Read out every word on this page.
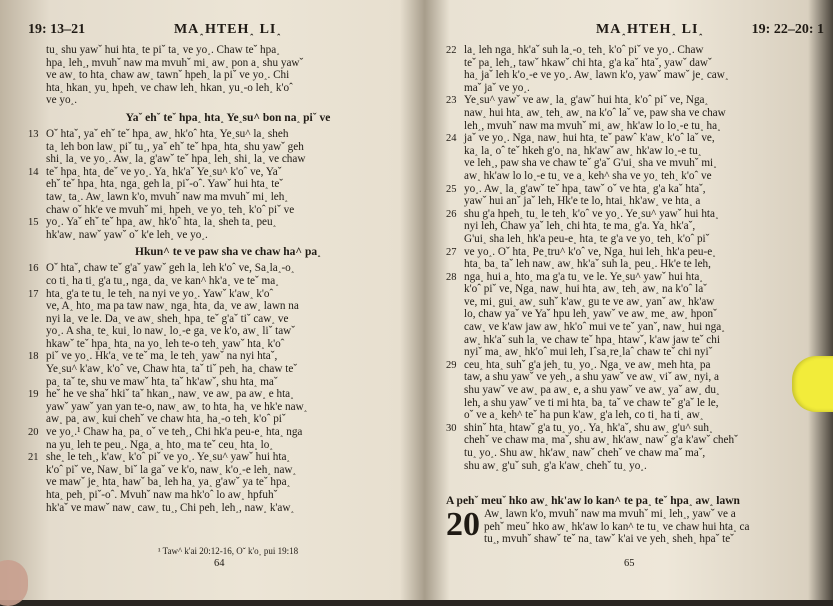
19: 13–21	MA˰HTEH˰ LI˰
tu˰ shu yawˇ hui hta˰ te piˇ ta˰ ve yo˰. Chaw teˇ hpa˰
hpa˰ leh˰, mvuhˇ naw ma mvuhˇ mi˰ aw˰ pon a˰ shu yawˇ
ve aw˰ to hta˰ chaw aw˰ tawnˇ hpeh˰ la piˇ ve yo˰. Chi
hta˰ hkan˰ yu˰ hpeh˰ ve chaw leh˰ hkan˰ yu˰-o leh˰ k'oˆ
ve yo˰.
Yaˇ ehˇ teˇ hpa˰ hta˰ Ye˰su^ bon na˰ piˇ ve
13 Oˇ htaˇ, yaˇ ehˇ teˇ hpa˰ aw˰ hk'oˆ hta˰ Ye˰su^ la˰ sheh
ta˰ leh bon law˰ piˇ tu˰, yaˇ ehˇ teˇ hpa˰ hta˰ shu yawˇ geh
shi˰ la˰ ve yo˰. Aw˰ la˰ g'awˇ teˇ hpa˰ leh˰ shi˰ la˰ ve chaw
14 teˇ hpa˰ hta˰ deˇ ve yo˰. Ya˰ hk'aˇ Ye˰su^ k'oˆ ve, Yaˇ
ehˇ teˇ hpa˰ hta˰ nga˰ geh la˰ piˇ-oˆ. Yawˇ hui hta˰ teˇ
taw˰ ta˰. Aw˰ lawn k'o, mvuhˇ naw ma mvuhˇ mi˰ leh˰
chaw oˇ hk'e ve mvuhˇ mi˰ hpeh˰ ve yo˰ teh˰ k'oˆ piˇ ve
15 yo˰. Yaˇ ehˇ teˇ hpa˰ aw˰ hk'oˆ hta˰ la˰ sheh ta˰ peu˰
hk'aw˰ nawˇ yawˇ oˇ k'e leh˰ ve yo˰.
Hkun^ te ve paw sha ve chaw ha^ pa˰
16 Oˇ htaˇ, chaw teˇ g'aˇ yawˇ geh la˰ leh k'oˆ ve, Sa˰la˰-o˰
co ti˰ ha ti˰ g'a tu˰, nga˰ da˰ ve kan^ hk'a˰ ve teˇ ma˰
17 hta˰ g'a te tu˰ le teh˰ na nyi ve yo˰. Yawˇ k'aw˰ k'oˆ
ve, A˰ hto˰ ma pa taw naw˰ nga˰ hta˰ da˰ ve aw˰ lawn na
nyi la˰ ve le. Da˰ ve aw˰ sheh˰ hpa˰ teˇ g'aˇ tiˇ caw˰ ve
yo˰. A sha˰ te˰ kui˰ lo naw˰ lo˰-e ga˰ ve k'o, aw˰ liˇ tawˇ
hkawˇ teˇ hpa˰ hta˰ na yo˰ leh te-o teh˰ yawˇ hta˰ k'oˆ
18 piˇ ve yo˰. Hk'a˰ ve teˇ ma˰ le teh˰ yawˇ na nyi htaˇ,
Ye˰su^ k'aw˰ k'oˆ ve, Chaw hta˰ taˇ tiˇ peh˰ ha˰ chaw teˇ
pa˰ taˇ te, shu ve mawˇ hta˰ taˇ hk'awˇ, shu hta˰ maˇ
19 heˇ he ve shaˇ hkiˇ taˇ hkan˰, naw˰ ve aw˰ pa aw˰ e hta˰
yawˇ yawˇ yan yan te-o, naw˰ aw˰ to hta˰ ha˰ ve hk'e naw˰
aw˰ pa˰ aw˰ kui chehˇ ve chaw hta˰ ha˰-o teh˰ k'oˆ piˇ
20 ve yo˰.¹ Chaw ha˰ pa˰ oˇ ve teh˰, Chi hk'a peu-e˰ hta˰ nga
na yu˰ leh te peu˰. Nga˰ a˰ hto˰ ma teˇ ceu˰ hta˰ lo˰
21 she˰ le teh˰, k'aw˰ k'oˆ piˇ ve yo˰. Ye˰su^ yawˇ hui hta˰
k'oˆ piˇ ve, Naw˰ biˇ la gaˇ ve k'o, naw˰ k'o˰-e leh˰ naw˰
ve mawˇ je˰ hta˰ hawˇ ba˰ leh ha˰ ya˰ g'awˇ ya teˇ hpa˰
hta˰ peh˰ piˇ-oˆ. Mvuhˇ naw ma hk'oˆ lo aw˰ hpfuhˇ
hk'aˇ ve mawˇ naw˰ caw˰ tu˰, Chi peh˰ leh˰, naw˰ k'aw˰
¹ Taw^ k'ai 20:12-16, Oˇ k'o˰ pui 19:18
64
MA˰HTEH˰ LI˰	19: 22–20: 1
22 la˰ leh nga˰ hk'aˇ suh la˰-o˰ teh˰ k'oˆ piˇ ve yo˰. Chaw
teˇ pa˰ leh˰, tawˇ hkawˇ chi hta˰ g'a kaˇ htaˇ, yawˇ dawˇ
ha˰ jaˇ leh k'o˰-e ve yo˰. Aw˰ lawn k'o, yawˇ mawˇ je˰ caw˰
maˇ jaˇ ve yo˰.
23 Ye˰su^ yawˇ ve aw˰ la˰ g'awˇ hui hta˰ k'oˆ piˇ ve, Nga˰
naw˰ hui hta˰ aw˰ teh˰ aw˰ na k'oˆ laˇ ve, paw sha ve chaw
leh˰, mvuhˇ naw ma mvuhˇ mi˰ aw˰ hk'aw lo lo˰-e tu˰ ha˰
24 jaˇ ve yo˰. Nga˰ naw˰ hui hta˰ teˇ pawˆ k'aw˰ k'oˆ laˇ ve,
ka˰ la˰ oˆ teˇ hkeh g'o˰ na˰ hk'awˇ aw˰ hk'aw lo˰-e tu˰
ve leh˰, paw sha ve chaw teˇ g'aˇ G'ui˰ sha ve mvuhˇ mi˰
aw˰ hk'aw lo lo˰-e tu˰ ve a˰ keh^ sha ve yo˰ teh˰ k'oˆ ve
25 yo˰. Aw˰ la˰ g'awˇ teˇ hpa˰ tawˇ oˇ ve hta˰ g'a kaˇ htaˇ,
yawˇ hui anˇ jaˇ leh, Hk'e te lo, htai˰ hk'aw˰ ve hta˰ a
26 shu g'a hpeh˰ tu˰ le teh˰ k'oˆ ve yo˰. Ye˰su^ yawˇ hui hta˰
nyi leh, Chaw yaˇ leh˰ chi hta˰ te ma˰ g'a. Ya˰ hk'aˇ,
G'ui˰ sha leh˰ hk'a peu-e˰ hta˰ te g'a ve yo˰ teh˰ k'oˆ piˇ
27 ve yo˰. Oˇ hta˰ Pe˰tru^ k'oˆ ve, Nga˰ hui leh˰ hk'a peu-e˰
hta˰ ba˰ taˇ leh naw˰ aw˰ hk'aˇ suh la˰ peu˰. Hk'e te leh,
28 nga˰ hui a˰ hto˰ ma g'a tu˰ ve le. Ye˰su^ yawˇ hui hta˰
k'oˆ piˇ ve, Nga˰ naw˰ hui hta˰ aw˰ teh˰ aw˰ na k'oˆ laˇ
ve, mi˰ gui˰ aw˰ suhˇ k'aw˰ gu te ve aw˰ yanˇ aw˰ hk'aw
lo, chaw yaˇ ve Yaˇ hpu leh˰ yawˇ ve aw˰ me˰ aw˰ hponˇ
caw˰ ve k'aw jaw aw˰ hk'oˆ mui ve teˇ yanˇ, naw˰ hui nga˰
aw˰ hk'aˇ suh la˰ ve chaw teˇ hpa˰ htawˇ, k'aw jaw teˇ chi
nyiˇ ma˰ aw˰ hk'oˆ mui leh, Iˆsa˰re˰laˆ chaw teˇ chi nyiˇ
29 ceu˰ hta˰ suhˇ g'a jeh˰ tu˰ yo˰. Nga˰ ve aw˰ meh hta˰ pa
taw, a shu yawˇ ve yeh˰, a shu yawˇ ve aw˰ viˇ aw˰ nyi, a
shu yawˇ ve aw˰ pa aw˰ e, a shu yawˇ ve aw˰ yaˇ aw˰ du˰
leh, a shu yawˇ ve ti mi hta˰ ba˰ taˇ ve chaw teˇ g'aˇ le le,
oˇ ve a˰ keh^ teˇ ha pun k'aw˰ g'a leh, co ti˰ ha ti˰ aw˰
30 shinˇ hta˰ htawˇ g'a tu˰ yo˰. Ya˰ hk'aˇ, shu aw˰ g'u^ suh˰
chehˇ ve chaw ma˰ maˇ, shu aw˰ hk'aw˰ nawˇ g'a k'awˇ chehˇ
tu˰ yo˰. Shu aw˰ hk'aw˰ nawˇ chehˇ ve chaw maˇ maˇ,
shu aw˰ g'uˇ suh˰ g'a k'aw˰ chehˇ tu˰ yo˰.
A pehˇ meuˇ hko aw˰ hk'aw lo kan^ te pa˰ teˇ hpa˰ aw˰ lawn
20 Aw˰ lawn k'o, mvuhˇ naw ma mvuhˇ mi˰ leh˰, yawˇ ve a
pehˇ meuˇ hko aw˰ hk'aw lo kan^ te tu˰ ve chaw hui hta˰ ca
tu˰, mvuhˇ shawˇ teˇ na˰ tawˇ k'ai ve yeh˰ sheh˰ hpaˇ teˇ
65
